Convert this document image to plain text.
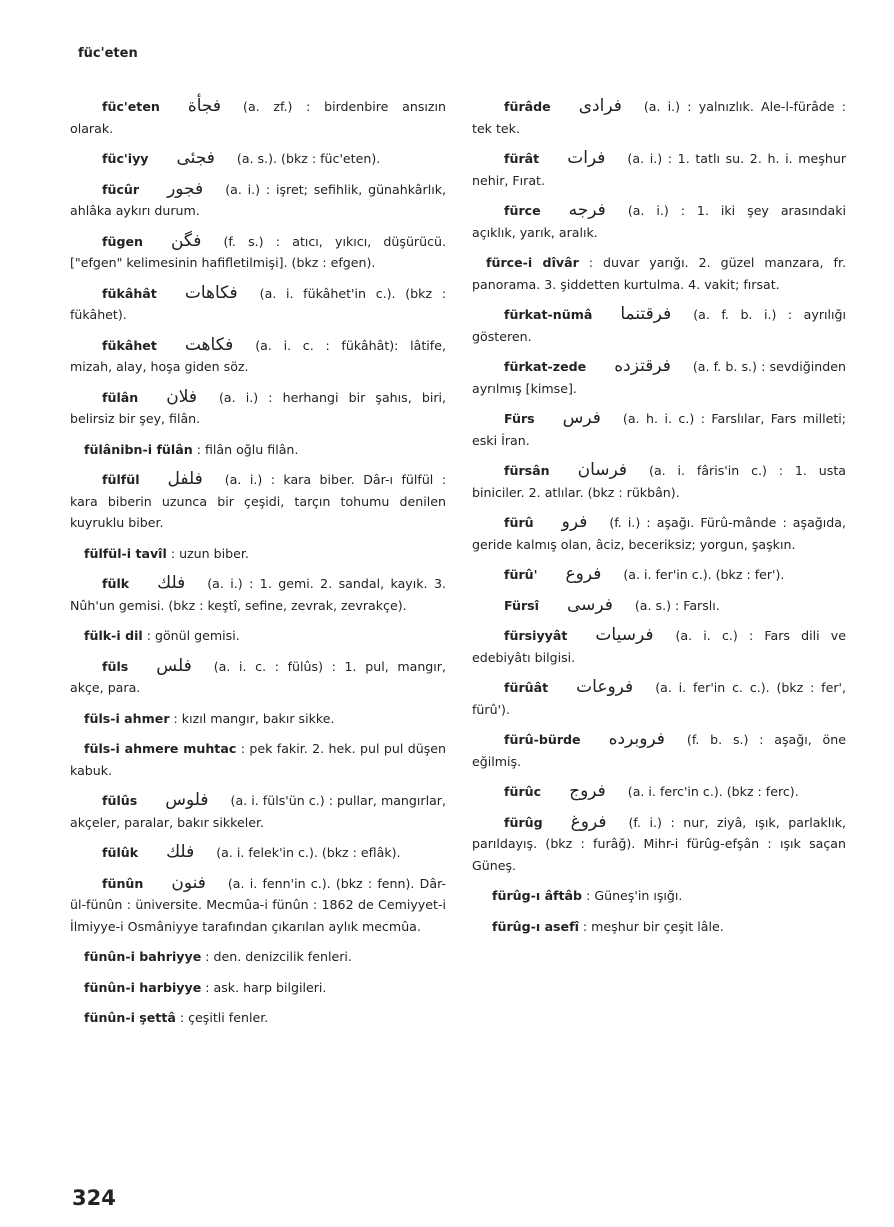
füc'eten
füc'eten فجأة (a. zf.) : birdenbire ansızın olarak.
füc'iyy فجئى (a. s.). (bkz : füc'eten).
fücûr فجور (a. i.) : işret; sefihlik, günahkârlık, ahlâka aykırı durum.
fügen فگن (f. s.) : atıcı, yıkıcı, düşürücü. ["efgen" kelimesinin hafifletilmişi]. (bkz : efgen).
fükâhât فكاهات (a. i. fükâhet'in c.). (bkz : fükâhet).
fükâhet فكاهت (a. i. c. : fükâhât): lâtife, mizah, alay, hoşa giden söz.
fülân فلان (a. i.) : herhangi bir şahıs, biri, belirsiz bir şey, filân.
fülânibn-i fülân : filân oğlu filân.
fülfül فلفل (a. i.) : kara biber. Dâr-ı fülfül : kara biberin uzunca bir çeşidi, tarçın tohumu denilen kuyruklu biber.
fülfül-i tavîl : uzun biber.
fülk فلك (a. i.) : 1. gemi. 2. sandal, kayık. 3. Nûh'un gemisi. (bkz : keştî, sefine, zevrak, zevrakçe).
fülk-i dil : gönül gemisi.
füls فلس (a. i. c. : fülûs) : 1. pul, mangır, akçe, para.
füls-i ahmer : kızıl mangır, bakır sikke.
füls-i ahmere muhtac : pek fakir. 2. hek. pul pul düşen kabuk.
fülûs فلوس (a. i. füls'ün c.) : pullar, mangırlar, akçeler, paralar, bakır sikkeler.
fülûk فلك (a. i. felek'in c.). (bkz : eflâk).
fünûn فنون (a. i. fenn'in c.). (bkz : fenn). Dâr-ül-fünûn : üniversite. Mecmûa-i fünûn : 1862 de Cemiyyet-i İlmiyye-i Osmâniyye tarafından çıkarılan aylık mecmûa.
fünûn-i bahriyye : den. denizcilik fenleri.
fünûn-i harbiyye : ask. harp bilgileri.
fünûn-i şettâ : çeşitli fenler.
fürâde فرادى (a. i.) : yalnızlık. Ale-l-fürâde : tek tek.
fürât فرات (a. i.) : 1. tatlı su. 2. h. i. meşhur nehir, Fırat.
fürce فرجه (a. i.) : 1. iki şey arasındaki açıklık, yarık, aralık.
fürce-i dîvâr : duvar yarığı. 2. güzel manzara, fr. panorama. 3. şiddetten kurtulma. 4. vakit; fırsat.
fürkat-nümâ فرقتنما (a. f. b. i.) : ayrılığı gösteren.
fürkat-zede فرقتزده (a. f. b. s.) : sevdiğinden ayrılmış [kimse].
Fürs فرس (a. h. i. c.) : Farslılar, Fars milleti; eski İran.
fürsân فرسان (a. i. fâris'in c.) : 1. usta biniciler. 2. atlılar. (bkz : rükbân).
fürû فرو (f. i.) : aşağı. Fürû-mânde : aşağıda, geride kalmış olan, âciz, beceriksiz; yorgun, şaşkın.
fürû' فروع (a. i. fer'in c.). (bkz : fer').
Fürsî فرسى (a. s.) : Farslı.
fürsiyyât فرسيات (a. i. c.) : Fars dili ve edebiyâtı bilgisi.
fürûât فروعات (a. i. fer'in c. c.). (bkz : fer', fürû').
fürû-bürde فروبرده (f. b. s.) : aşağı, öne eğilmiş.
fürûc فروج (a. i. ferc'in c.). (bkz : ferc).
fürûg فروغ (f. i.) : nur, ziyâ, ışık, parlaklık, parıldayış. (bkz : furâğ). Mihr-i fürûg-efşân : ışık saçan Güneş.
fürûg-ı âftâb : Güneş'in ışığı.
fürûg-ı asefî : meşhur bir çeşit lâle.
324
